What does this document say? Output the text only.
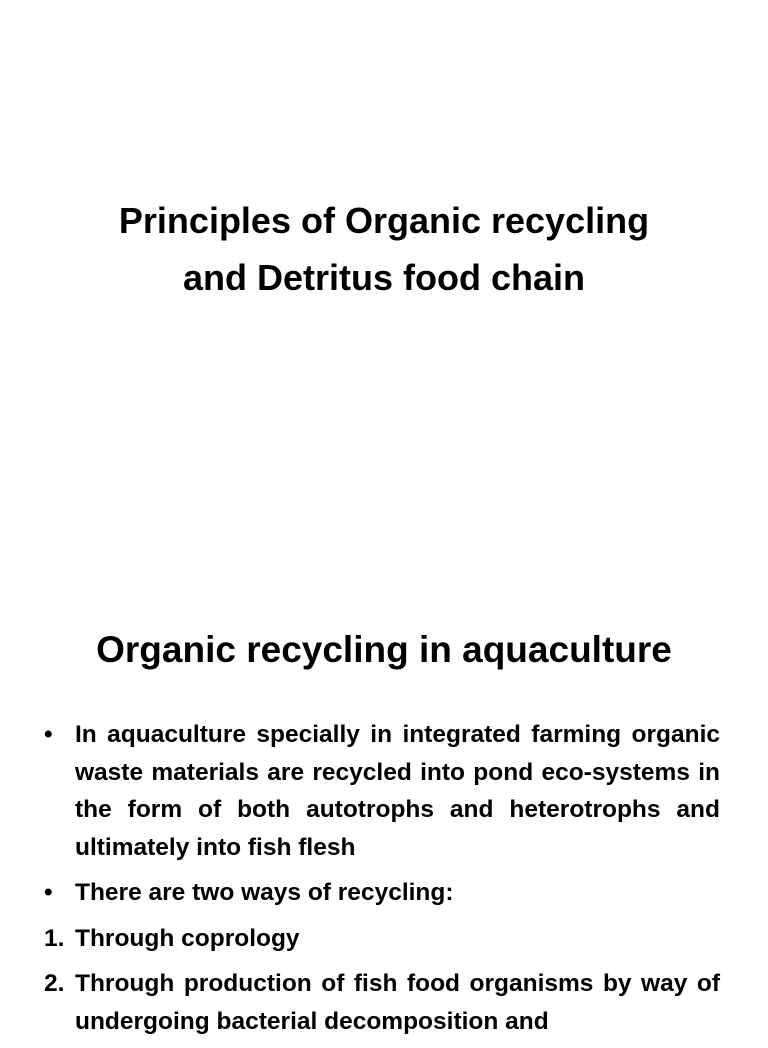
Principles of Organic recycling
and Detritus food chain
Organic recycling in aquaculture
• In aquaculture specially in integrated farming organic waste materials are recycled into pond eco-systems in the form of both autotrophs and heterotrophs and ultimately into fish flesh
• There are two ways of recycling:
1. Through coprology
2. Through production of fish food organisms by way of undergoing bacterial decomposition and
